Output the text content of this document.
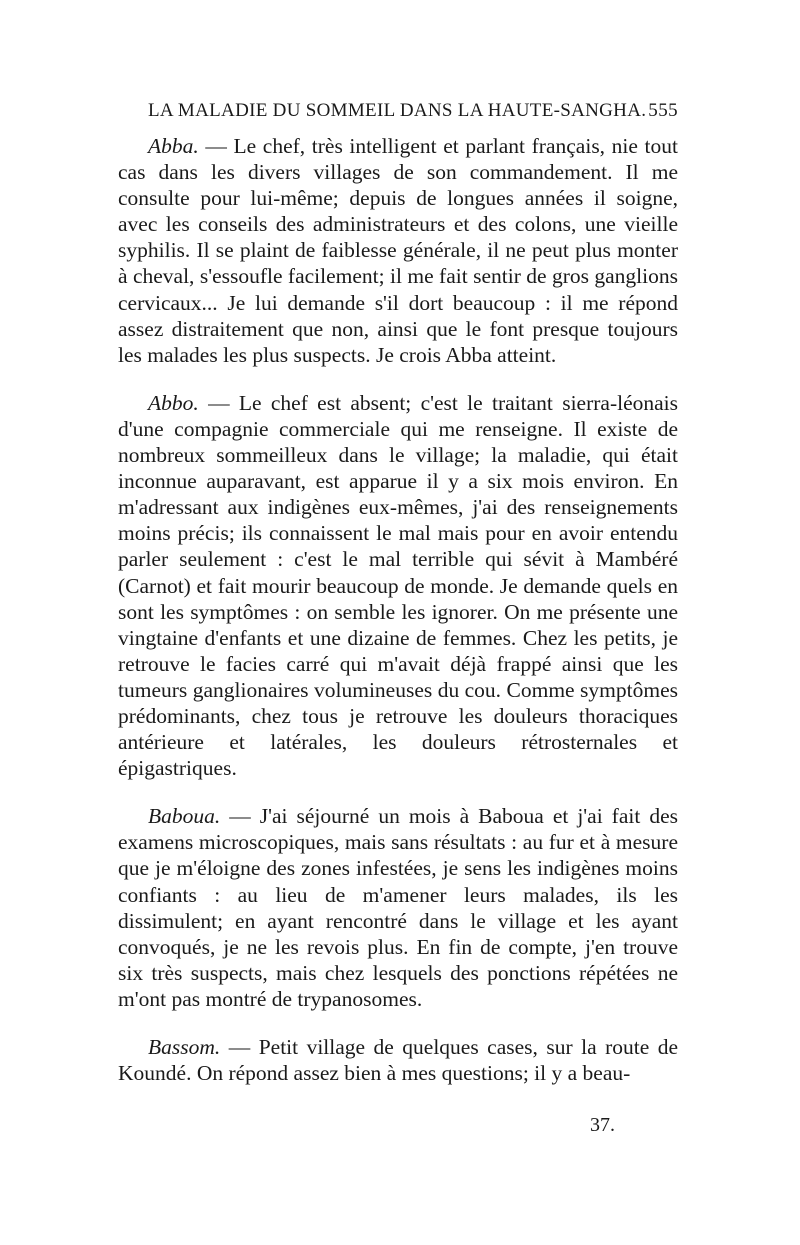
LA MALADIE DU SOMMEIL DANS LA HAUTE-SANGHA. 555

Abba. — Le chef, très intelligent et parlant français, nie tout cas dans les divers villages de son commandement. Il me consulte pour lui-même; depuis de longues années il soigne, avec les conseils des administrateurs et des colons, une vieille syphilis. Il se plaint de faiblesse générale, il ne peut plus monter à cheval, s'essoufle facilement; il me fait sentir de gros ganglions cervicaux... Je lui demande s'il dort beaucoup : il me répond assez distraitement que non, ainsi que le font presque toujours les malades les plus suspects. Je crois Abba atteint.

Abbo. — Le chef est absent; c'est le traitant sierra-léonais d'une compagnie commerciale qui me renseigne. Il existe de nombreux sommeilleux dans le village; la maladie, qui était inconnue auparavant, est apparue il y a six mois environ. En m'adressant aux indigènes eux-mêmes, j'ai des renseignements moins précis; ils connaissent le mal mais pour en avoir entendu parler seulement : c'est le mal terrible qui sévit à Mambéré (Carnot) et fait mourir beaucoup de monde. Je demande quels en sont les symptômes : on semble les ignorer. On me présente une vingtaine d'enfants et une dizaine de femmes. Chez les petits, je retrouve le facies carré qui m'avait déjà frappé ainsi que les tumeurs ganglionaires volumineuses du cou. Comme symptômes prédominants, chez tous je retrouve les douleurs thoraciques antérieure et latérales, les douleurs rétrosternales et épigastriques.

Baboua. — J'ai séjourné un mois à Baboua et j'ai fait des examens microscopiques, mais sans résultats : au fur et à mesure que je m'éloigne des zones infestées, je sens les indigènes moins confiants : au lieu de m'amener leurs malades, ils les dissimulent; en ayant rencontré dans le village et les ayant convoqués, je ne les revois plus. En fin de compte, j'en trouve six très suspects, mais chez lesquels des ponctions répétées ne m'ont pas montré de trypanosomes.

Bassom. — Petit village de quelques cases, sur la route de Koundé. On répond assez bien à mes questions; il y a beau-

37.
